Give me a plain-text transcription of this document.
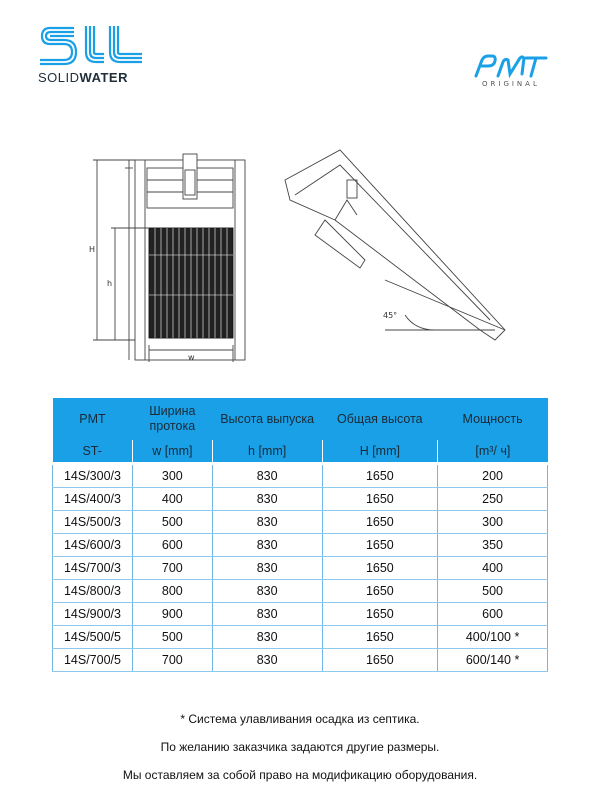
SOLIDWATER	ORIGINAL
H
h
w
45°
PMT	Ширина протока	Высота выпуска	Общая высота	Мощность
ST-	w [mm]	h [mm]	H [mm]	[m³/ ч]
14S/300/3	300	830	1650	200
14S/400/3	400	830	1650	250
14S/500/3	500	830	1650	300
14S/600/3	600	830	1650	350
14S/700/3	700	830	1650	400
14S/800/3	800	830	1650	500
14S/900/3	900	830	1650	600
14S/500/5	500	830	1650	400/100 *
14S/700/5	700	830	1650	600/140 *
* Система улавливания осадка из септика.
По желанию заказчика задаются другие размеры.
Мы оставляем за собой право на модификацию оборудования.
